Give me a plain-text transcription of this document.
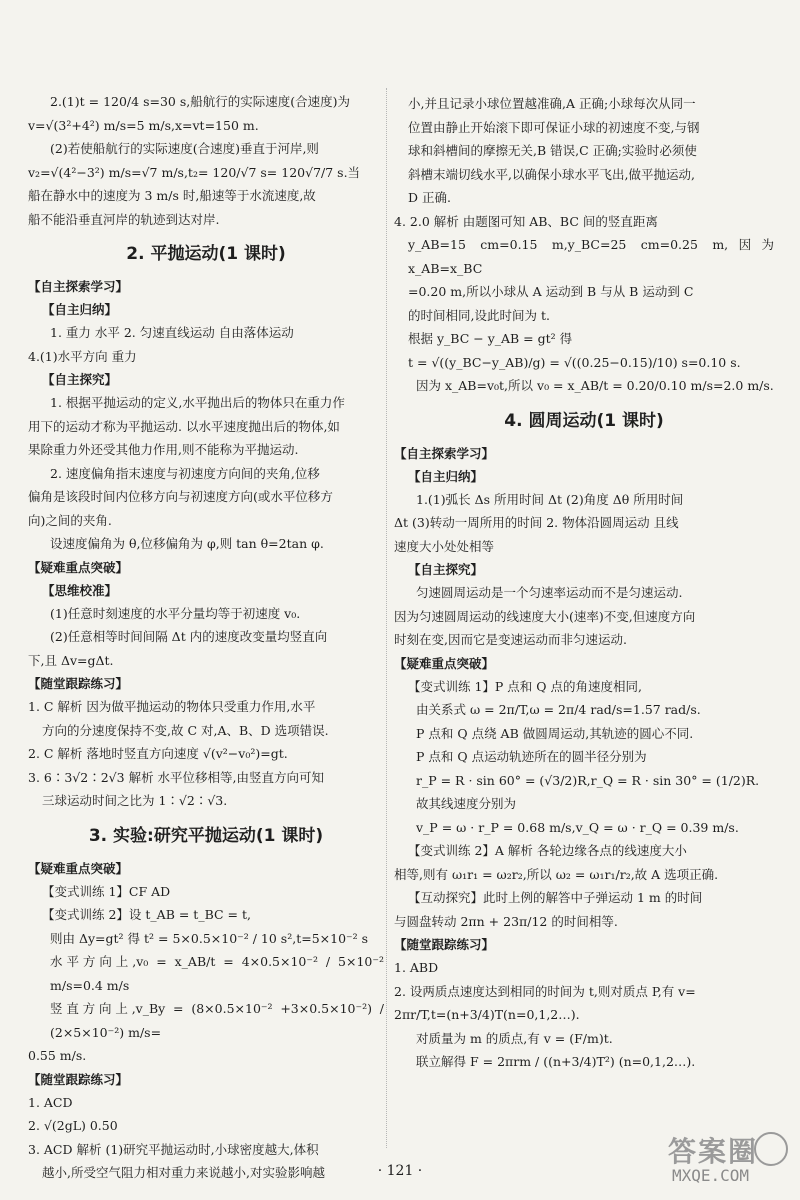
2.(1)t = 120/4 s=30 s,船航行的实际速度(合速度)为

v=√(3²+4²) m/s=5 m/s,x=vt=150 m.

(2)若使船航行的实际速度(合速度)垂直于河岸,则

v₂=√(4²−3²) m/s=√7 m/s,t₂= 120/√7 s= 120√7/7 s.当

船在静水中的速度为 3 m/s 时,船速等于水流速度,故

船不能沿垂直河岸的轨迹到达对岸.

2. 平抛运动(1 课时)

【自主探索学习】

【自主归纳】

1. 重力 水平 2. 匀速直线运动 自由落体运动

4.(1)水平方向 重力

【自主探究】

1. 根据平抛运动的定义,水平抛出后的物体只在重力作

用下的运动才称为平抛运动. 以水平速度抛出后的物体,如

果除重力外还受其他力作用,则不能称为平抛运动.

2. 速度偏角指末速度与初速度方向间的夹角,位移

偏角是该段时间内位移方向与初速度方向(或水平位移方

向)之间的夹角.

设速度偏角为 θ,位移偏角为 φ,则 tan θ=2tan φ.

【疑难重点突破】

【思维校准】

(1)任意时刻速度的水平分量均等于初速度 v₀.

(2)任意相等时间间隔 Δt 内的速度改变量均竖直向

下,且 Δv=gΔt.

【随堂跟踪练习】

1. C 解析 因为做平抛运动的物体只受重力作用,水平

方向的分速度保持不变,故 C 对,A、B、D 选项错误.

2. C 解析 落地时竖直方向速度 √(v²−v₀²)=gt.

3. 6∶3√2∶2√3 解析 水平位移相等,由竖直方向可知

三球运动时间之比为 1∶√2∶√3.

3. 实验:研究平抛运动(1 课时)

【疑难重点突破】

【变式训练 1】CF AD

【变式训练 2】设 t_AB = t_BC = t,

则由 Δy=gt² 得 t² = 5×0.5×10⁻² / 10 s²,t=5×10⁻² s

水平方向上,v₀ = x_AB/t = 4×0.5×10⁻² / 5×10⁻² m/s=0.4 m/s

竖直方向上,v_By = (8×0.5×10⁻² +3×0.5×10⁻²) / (2×5×10⁻²) m/s=

0.55 m/s.

【随堂跟踪练习】

1. ACD

2. √(2gL) 0.50

3. ACD 解析 (1)研究平抛运动时,小球密度越大,体积

越小,所受空气阻力相对重力来说越小,对实验影响越

小,并且记录小球位置越准确,A 正确;小球每次从同一

位置由静止开始滚下即可保证小球的初速度不变,与钢

球和斜槽间的摩擦无关,B 错误,C 正确;实验时必须使

斜槽末端切线水平,以确保小球水平飞出,做平抛运动,

D 正确.

4. 2.0 解析 由题图可知 AB、BC 间的竖直距离

y_AB=15 cm=0.15 m,y_BC=25 cm=0.25 m,因为 x_AB=x_BC

=0.20 m,所以小球从 A 运动到 B 与从 B 运动到 C

的时间相同,设此时间为 t.

根据 y_BC − y_AB = gt² 得

t = √((y_BC−y_AB)/g) = √((0.25−0.15)/10) s=0.10 s.

因为 x_AB=v₀t,所以 v₀ = x_AB/t = 0.20/0.10 m/s=2.0 m/s.

4. 圆周运动(1 课时)

【自主探索学习】

【自主归纳】

1.(1)弧长 Δs 所用时间 Δt (2)角度 Δθ 所用时间

Δt (3)转动一周所用的时间 2. 物体沿圆周运动 且线

速度大小处处相等

【自主探究】

匀速圆周运动是一个匀速率运动而不是匀速运动.

因为匀速圆周运动的线速度大小(速率)不变,但速度方向

时刻在变,因而它是变速运动而非匀速运动.

【疑难重点突破】

【变式训练 1】P 点和 Q 点的角速度相同,

由关系式 ω = 2π/T,ω = 2π/4 rad/s=1.57 rad/s.

P 点和 Q 点绕 AB 做圆周运动,其轨迹的圆心不同.

P 点和 Q 点运动轨迹所在的圆半径分别为

r_P = R · sin 60° = (√3/2)R,r_Q = R · sin 30° = (1/2)R.

故其线速度分别为

v_P = ω · r_P = 0.68 m/s,v_Q = ω · r_Q = 0.39 m/s.

【变式训练 2】A 解析 各轮边缘各点的线速度大小

相等,则有 ω₁r₁ = ω₂r₂,所以 ω₂ = ω₁r₁/r₂,故 A 选项正确.

【互动探究】此时上例的解答中子弹运动 1 m 的时间

与圆盘转动 2πn + 23π/12 的时间相等.

【随堂跟踪练习】

1. ABD

2. 设两质点速度达到相同的时间为 t,则对质点 P,有 v=

2πr/T,t=(n+3/4)T(n=0,1,2…).

对质量为 m 的质点,有 v = (F/m)t.

联立解得 F = 2πrm / ((n+3/4)T²) (n=0,1,2…).

· 121 ·
答案圈
MXQE.COM
